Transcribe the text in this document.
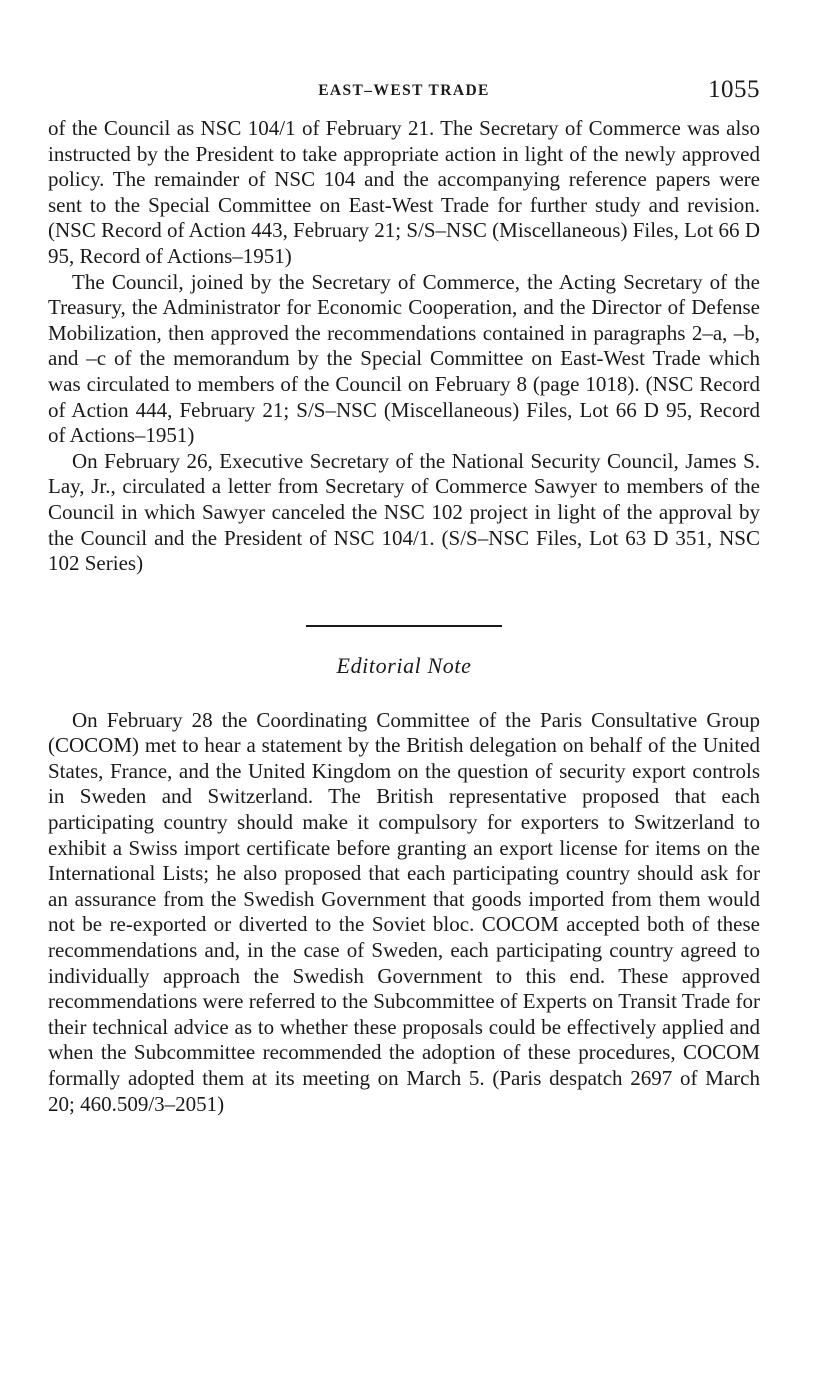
EAST–WEST TRADE	1055

of the Council as NSC 104/1 of February 21. The Secretary of Commerce was also instructed by the President to take appropriate action in light of the newly approved policy. The remainder of NSC 104 and the accompanying reference papers were sent to the Special Committee on East-West Trade for further study and revision. (NSC Record of Action 443, February 21; S/S–NSC (Miscellaneous) Files, Lot 66 D 95, Record of Actions–1951)

The Council, joined by the Secretary of Commerce, the Acting Secretary of the Treasury, the Administrator for Economic Cooperation, and the Director of Defense Mobilization, then approved the recommendations contained in paragraphs 2–a, –b, and –c of the memorandum by the Special Committee on East-West Trade which was circulated to members of the Council on February 8 (page 1018). (NSC Record of Action 444, February 21; S/S–NSC (Miscellaneous) Files, Lot 66 D 95, Record of Actions–1951)

On February 26, Executive Secretary of the National Security Council, James S. Lay, Jr., circulated a letter from Secretary of Commerce Sawyer to members of the Council in which Sawyer canceled the NSC 102 project in light of the approval by the Council and the President of NSC 104/1. (S/S–NSC Files, Lot 63 D 351, NSC 102 Series)

Editorial Note

On February 28 the Coordinating Committee of the Paris Consultative Group (COCOM) met to hear a statement by the British delegation on behalf of the United States, France, and the United Kingdom on the question of security export controls in Sweden and Switzerland. The British representative proposed that each participating country should make it compulsory for exporters to Switzerland to exhibit a Swiss import certificate before granting an export license for items on the International Lists; he also proposed that each participating country should ask for an assurance from the Swedish Government that goods imported from them would not be re-exported or diverted to the Soviet bloc. COCOM accepted both of these recommendations and, in the case of Sweden, each participating country agreed to individually approach the Swedish Government to this end. These approved recommendations were referred to the Subcommittee of Experts on Transit Trade for their technical advice as to whether these proposals could be effectively applied and when the Subcommittee recommended the adoption of these procedures, COCOM formally adopted them at its meeting on March 5. (Paris despatch 2697 of March 20; 460.509/3–2051)
